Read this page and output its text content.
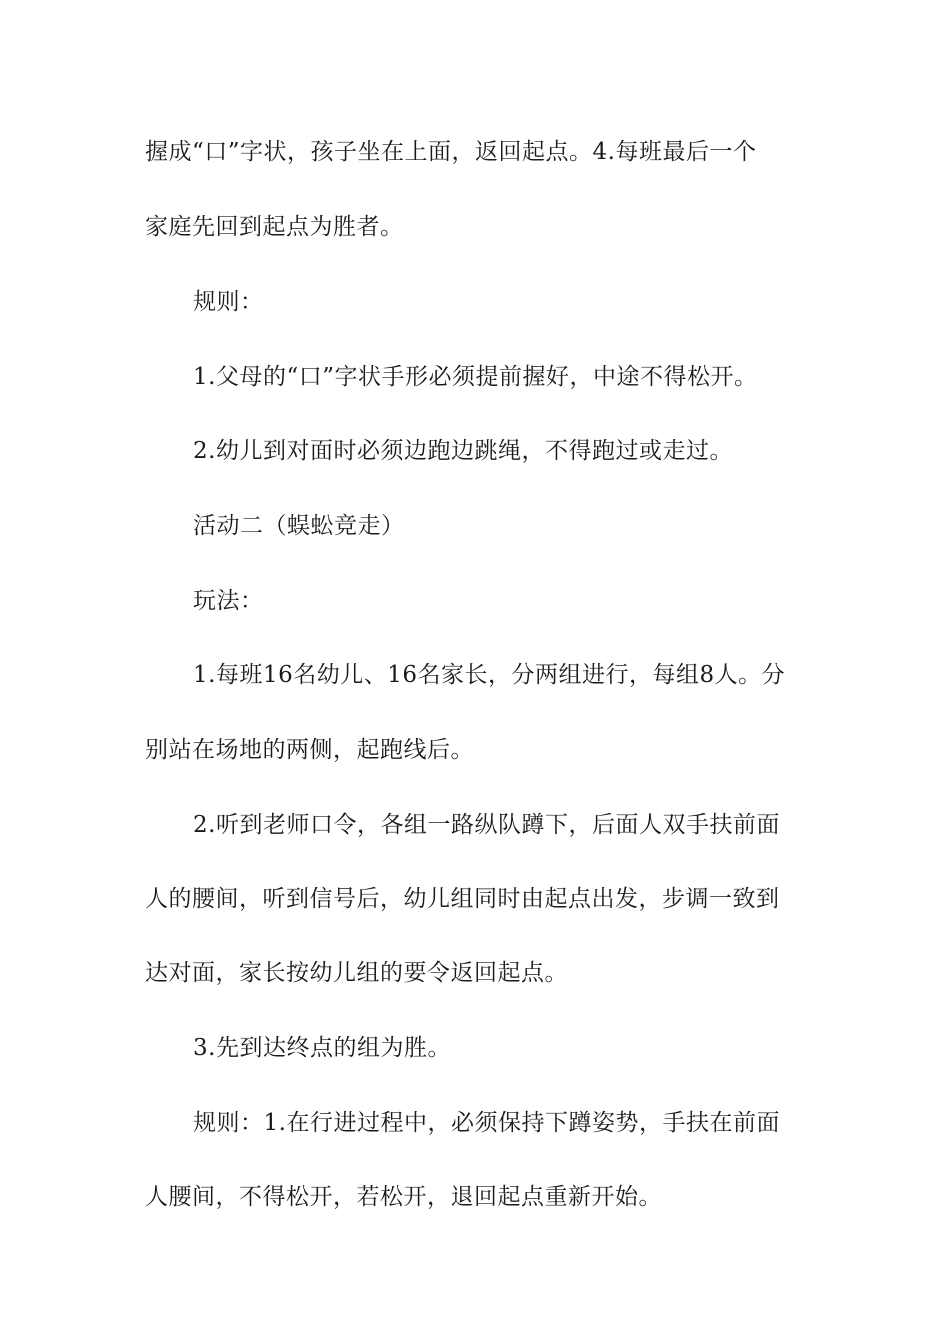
握成“口”字状，孩子坐在上面，返回起点。4.每班最后一个
家庭先回到起点为胜者。
规则：
1.父母的“口”字状手形必须提前握好，中途不得松开。
2.幼儿到对面时必须边跑边跳绳，不得跑过或走过。
活动二（蜈蚣竞走）
玩法：
1.每班16名幼儿、16名家长，分两组进行，每组8人。分
别站在场地的两侧，起跑线后。
2.听到老师口令，各组一路纵队蹲下，后面人双手扶前面
人的腰间，听到信号后，幼儿组同时由起点出发，步调一致到
达对面，家长按幼儿组的要令返回起点。
3.先到达终点的组为胜。
规则：1.在行进过程中，必须保持下蹲姿势，手扶在前面
人腰间，不得松开，若松开，退回起点重新开始。
